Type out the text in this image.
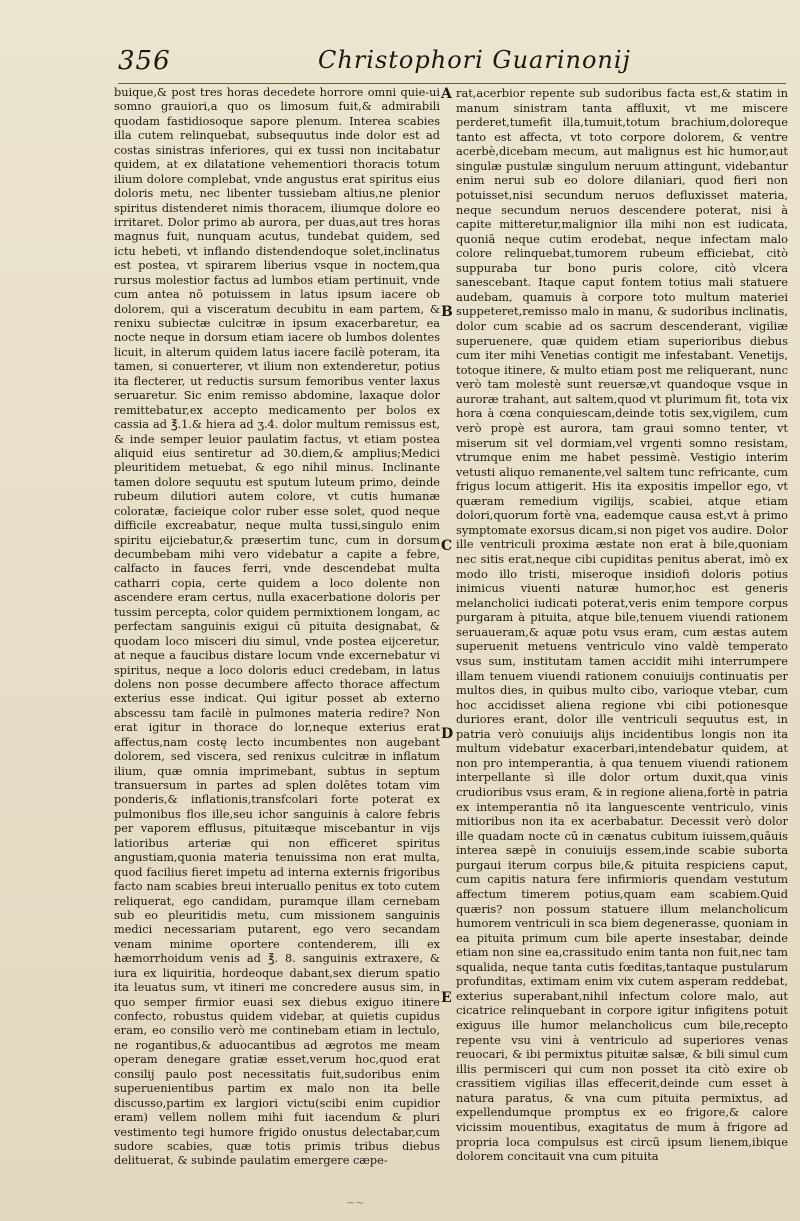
356	Christophori Guarinonij

buique,& post tres horas decedete horrore omni quie-ui somno grauiori,a quo os limosum fuit,& admirabili quodam fastidiosoque sapore plenum. Interea scabies illa cutem relinquebat, subsequutus inde dolor est ad costas sinistras inferiores, qui ex tussi non incitabatur quidem, at ex dilatatione vehementiori thoracis totum ilium dolore complebat, vnde angustus erat spiritus eius doloris metu, nec libenter tussiebam altius,ne plenior spiritus distenderet nimis thoracem, iliumque dolore eo irritaret. Dolor primo ab aurora, per duas,aut tres horas magnus fuit, nunquam acutus, tundebat quidem, sed ictu hebeti, vt inflando distendendoque solet,inclinatus est postea, vt spirarem liberius vsque in noctem,qua rursus molestior factus ad lumbos etiam pertinuit, vnde cum antea nō potuissem in latus ipsum iacere ob dolorem, qui a visceratum decubitu in eam partem, & renixu subiectæ culcitræ in ipsum exacerbaretur, ea nocte neque in dorsum etiam iacere ob lumbos dolentes licuit, in alterum quidem latus iacere facilè poteram, ita tamen, si conuerterer, vt ilium non extenderetur, potius ita flecterer, ut reductis sursum femoribus venter laxus seruaretur. Sic enim remisso abdomine, laxaque dolor remittebatur,ex accepto medicamento per bolos ex cassia ad ℥.1.& hiera ad ʒ.4. dolor multum remissus est, & inde semper leuior paulatim factus, vt etiam postea aliquid eius sentiretur ad 30.diem,& amplius;Medici pleuritidem metuebat, & ego nihil minus. Inclinante tamen dolore sequutu est sputum luteum primo, deinde rubeum dilutiori autem colore, vt cutis humanæ coloratæ, facieique color ruber esse solet, quod neque difficile excreabatur, neque multa tussi,singulo enim spiritu eijciebatur,& præsertim tunc, cum in dorsum decumbebam mihi vero videbatur a capite a febre, calfacto in fauces ferri, vnde descendebat multa catharri copia, certe quidem a loco dolente non ascendere eram certus, nulla exacerbatione doloris per tussim percepta, color quidem permixtionem longam, ac perfectam sanguinis exigui cū pituita designabat, & quodam loco misceri diu simul, vnde postea eijceretur, at neque a faucibus distare locum vnde excernebatur vi spiritus, neque a loco doloris educi credebam, in latus dolens non posse decumbere affecto thorace affectum exterius esse indicat. Qui igitur posset ab externo abscessu tam facilè in pulmones materia redire? Non erat igitur in thorace do lor,neque exterius erat affectus,nam costę lecto incumbentes non augebant dolorem, sed viscera, sed renixus culcitræ in inflatum ilium, quæ omnia imprimebant, subtus in septum transuersum in partes ad splen dolētes totam vim ponderis,& inflationis,transfcolari forte poterat ex pulmonibus flos ille,seu ichor sanguinis à calore febris per vaporem efflusus, pituitæque miscebantur in vijs latioribus arteriæ qui non efficeret spiritus angustiam,quonia materia tenuissima non erat multa, quod facilius fieret impetu ad interna externis frigoribus facto nam scabies breui interuallo penitus ex toto cutem reliquerat, ego candidam, puramque illam cernebam sub eo pleuritidis metu, cum missionem sanguinis medici necessariam putarent, ego vero secandam venam minime oportere contenderem, illi ex hæmorrhoidum venis ad ℥. 8. sanguinis extraxere, & iura ex liquiritia, hordeoque dabant,sex dierum spatio ita leuatus sum, vt itineri me concredere ausus sim, in quo semper firmior euasi sex diebus exiguo itinere confecto, robustus quidem videbar, at quietis cupidus eram, eo consilio verò me continebam etiam in lectulo, ne rogantibus,& aduocantibus ad ægrotos me meam operam denegare gratiæ esset,verum hoc,quod erat consilij paulo post necessitatis fuit,sudoribus enim superuenientibus partim ex malo non ita belle discusso,partim ex largiori victu(scibi enim cupidior eram) vellem nollem mihi fuit iacendum & pluri vestimento tegi humore frigido onustus delectabar,cum sudore scabies, quæ totis primis tribus diebus delituerat, & subinde paulatim emergere cæpe-

A
B
C
D
E

rat,acerbior repente sub sudoribus facta est,& statim in manum sinistram tanta affluxit, vt me miscere perderet,tumefit illa,tumuit,totum brachium,doloreque tanto est affecta, vt toto corpore dolorem, & ventre acerbè,dicebam mecum, aut malignus est hic humor,aut singulæ pustulæ singulum neruum attingunt, videbantur enim nerui sub eo dolore dilaniari, quod fieri non potuisset,nisi secundum neruos defluxisset materia, neque secundum neruos descendere poterat, nisi à capite mitteretur,malignior illa mihi non est iudicata, quoniā neque cutim erodebat, neque infectam malo colore relinquebat,tumorem rubeum efficiebat, citò suppuraba tur bono puris colore, citò vlcera sanescebant. Itaque caput fontem totius mali statuere audebam, quamuis à corpore toto multum materiei suppeteret,remisso malo in manu, & sudoribus inclinatis, dolor cum scabie ad os sacrum descenderant, vigiliæ superuenere, quæ quidem etiam superioribus diebus cum iter mihi Venetias contigit me infestabant. Venetijs, totoque itinere, & multo etiam post me reliquerant, nunc verò tam molestè sunt reuersæ,vt quandoque vsque in auroræ trahant, aut saltem,quod vt plurimum fit, tota vix hora à cœna conquiescam,deinde totis sex,vigilem, cum verò propè est aurora, tam graui somno tenter, vt miserum sit vel dormiam,vel vrgenti somno resistam, vtrumque enim me habet pessimè. Vestigio interim vetusti aliquo remanente,vel saltem tunc refricante, cum frigus locum attigerit. His ita expositis impellor ego, vt quæram remedium vigilijs, scabiei, atque etiam dolori,quorum fortè vna, eademque causa est,vt à primo symptomate exorsus dicam,si non piget vos audire. Dolor ille ventriculi proxima æstate non erat à bile,quoniam nec sitis erat,neque cibi cupiditas penitus aberat, imò ex modo illo tristi, miseroque insidiofi doloris potius inimicus viuenti naturæ humor,hoc est generis melancholici iudicati poterat,veris enim tempore corpus purgaram à pituita, atque bile,tenuem viuendi rationem seruaueram,& aquæ potu vsus eram, cum æstas autem superuenit metuens ventriculo vino valdè temperato vsus sum, institutam tamen accidit mihi interrumpere illam tenuem viuendi rationem conuiuijs continuatis per multos dies, in quibus multo cibo, varioque vtebar, cum hoc accidisset aliena regione vbi cibi potionesque duriores erant, dolor ille ventriculi sequutus est, in patria verò conuiuijs alijs incidentibus longis non ita multum videbatur exacerbari,intendebatur quidem, at non pro intemperantia, à qua tenuem viuendi rationem interpellante sì ille dolor ortum duxit,qua vinis crudioribus vsus eram, & in regione aliena,fortè in patria ex intemperantia nō ita languescente ventriculo, vinis mitioribus non ita ex acerbabatur. Decessit verò dolor ille quadam nocte cū in cænatus cubitum iuissem,quāuis interea sæpè in conuiuijs essem,inde scabie suborta purgaui iterum corpus bile,& pituita respiciens caput, cum capitis natura fere infirmioris quendam vestutum affectum timerem potius,quam eam scabiem.Quid quæris? non possum statuere illum melancholicum humorem ventriculi in sca biem degenerasse, quoniam in ea pituita primum cum bile aperte insestabar, deinde etiam non sine ea,crassitudo enim tanta non fuit,nec tam squalida, neque tanta cutis fœditas,tantaque pustularum profunditas, extimam enim vix cutem asperam reddebat, exterius superabant,nihil infectum colore malo, aut cicatrice relinquebant in corpore igitur infigitens potuit exiguus ille humor melancholicus cum bile,recepto repente vsu vini à ventriculo ad superiores venas reuocari, & ibi permixtus pituitæ salsæ, & bili simul cum illis permisceri qui cum non posset ita citò exire ob crassitiem vigilias illas effecerit,deinde cum esset à natura paratus, & vna cum pituita permixtus, ad expellendumque promptus ex eo frigore,& calore vicissim mouentibus, exagitatus de mum à frigore ad propria loca compulsus est circū ipsum lienem,ibique dolorem concitauit vna cum pituita

~~
